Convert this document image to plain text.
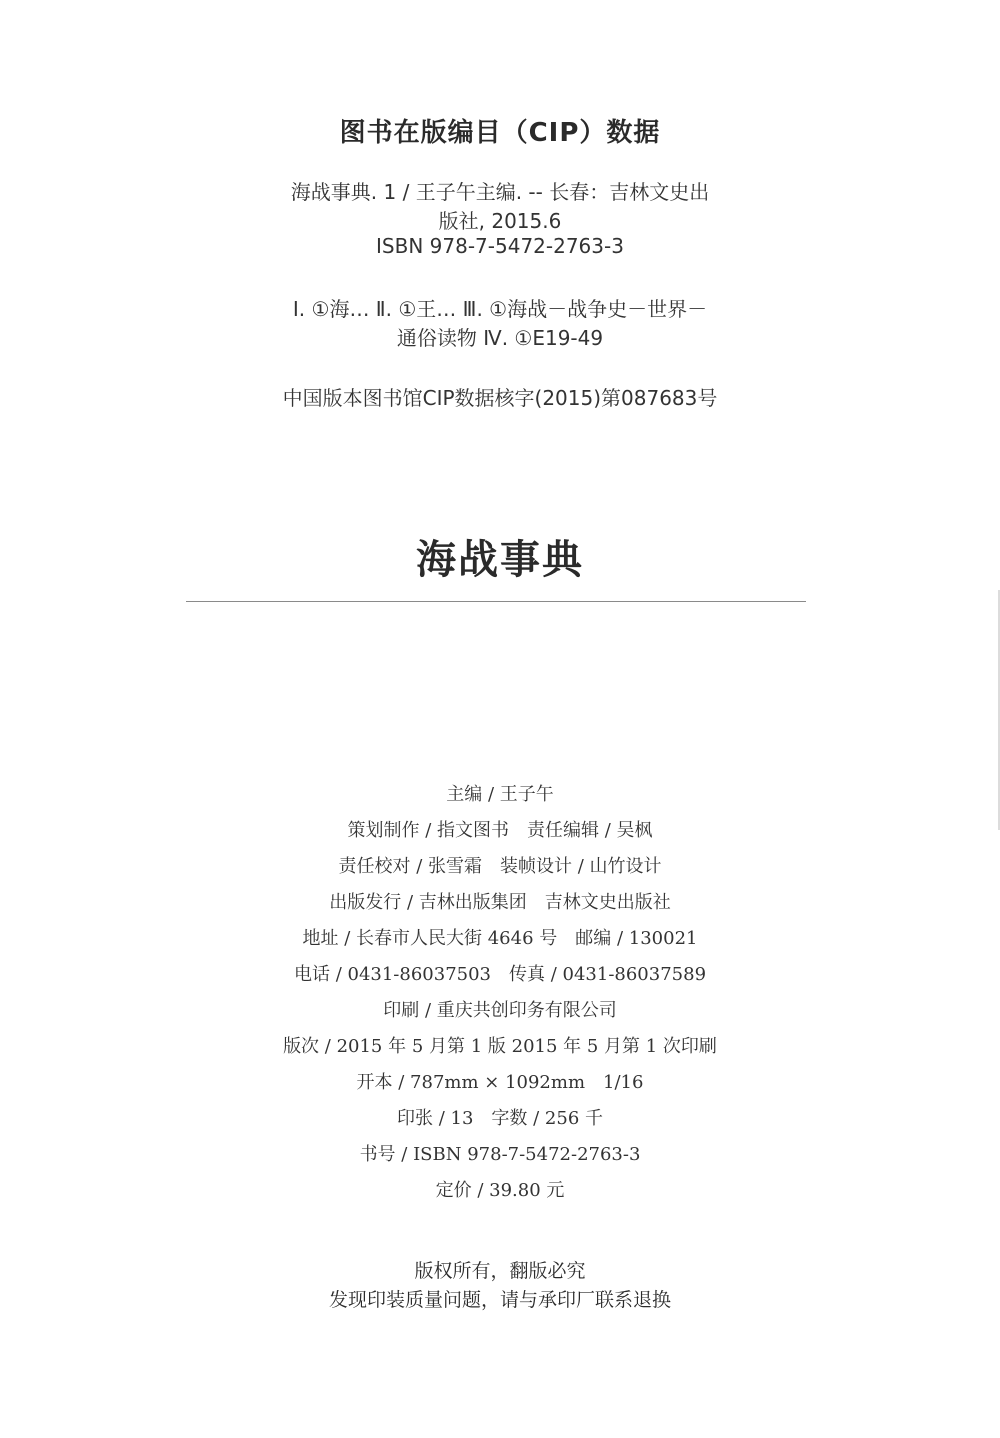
图书在版编目（CIP）数据
海战事典. 1 / 王子午主编. -- 长春：吉林文史出
版社, 2015.6
ISBN 978-7-5472-2763-3
Ⅰ. ①海… Ⅱ. ①王… Ⅲ. ①海战－战争史－世界－
通俗读物 Ⅳ. ①E19-49
中国版本图书馆CIP数据核字(2015)第087683号
海战事典
主编 / 王子午
策划制作 / 指文图书　责任编辑 / 吴枫
责任校对 / 张雪霜　装帧设计 / 山竹设计
出版发行 / 吉林出版集团　吉林文史出版社
地址 / 长春市人民大街 4646 号　邮编 / 130021
电话 / 0431-86037503　传真 / 0431-86037589
印刷 / 重庆共创印务有限公司
版次 / 2015 年 5 月第 1 版 2015 年 5 月第 1 次印刷
开本 / 787mm × 1092mm　1/16
印张 / 13　字数 / 256 千
书号 / ISBN 978-7-5472-2763-3
定价 / 39.80 元
版权所有，翻版必究
发现印装质量问题，请与承印厂联系退换
